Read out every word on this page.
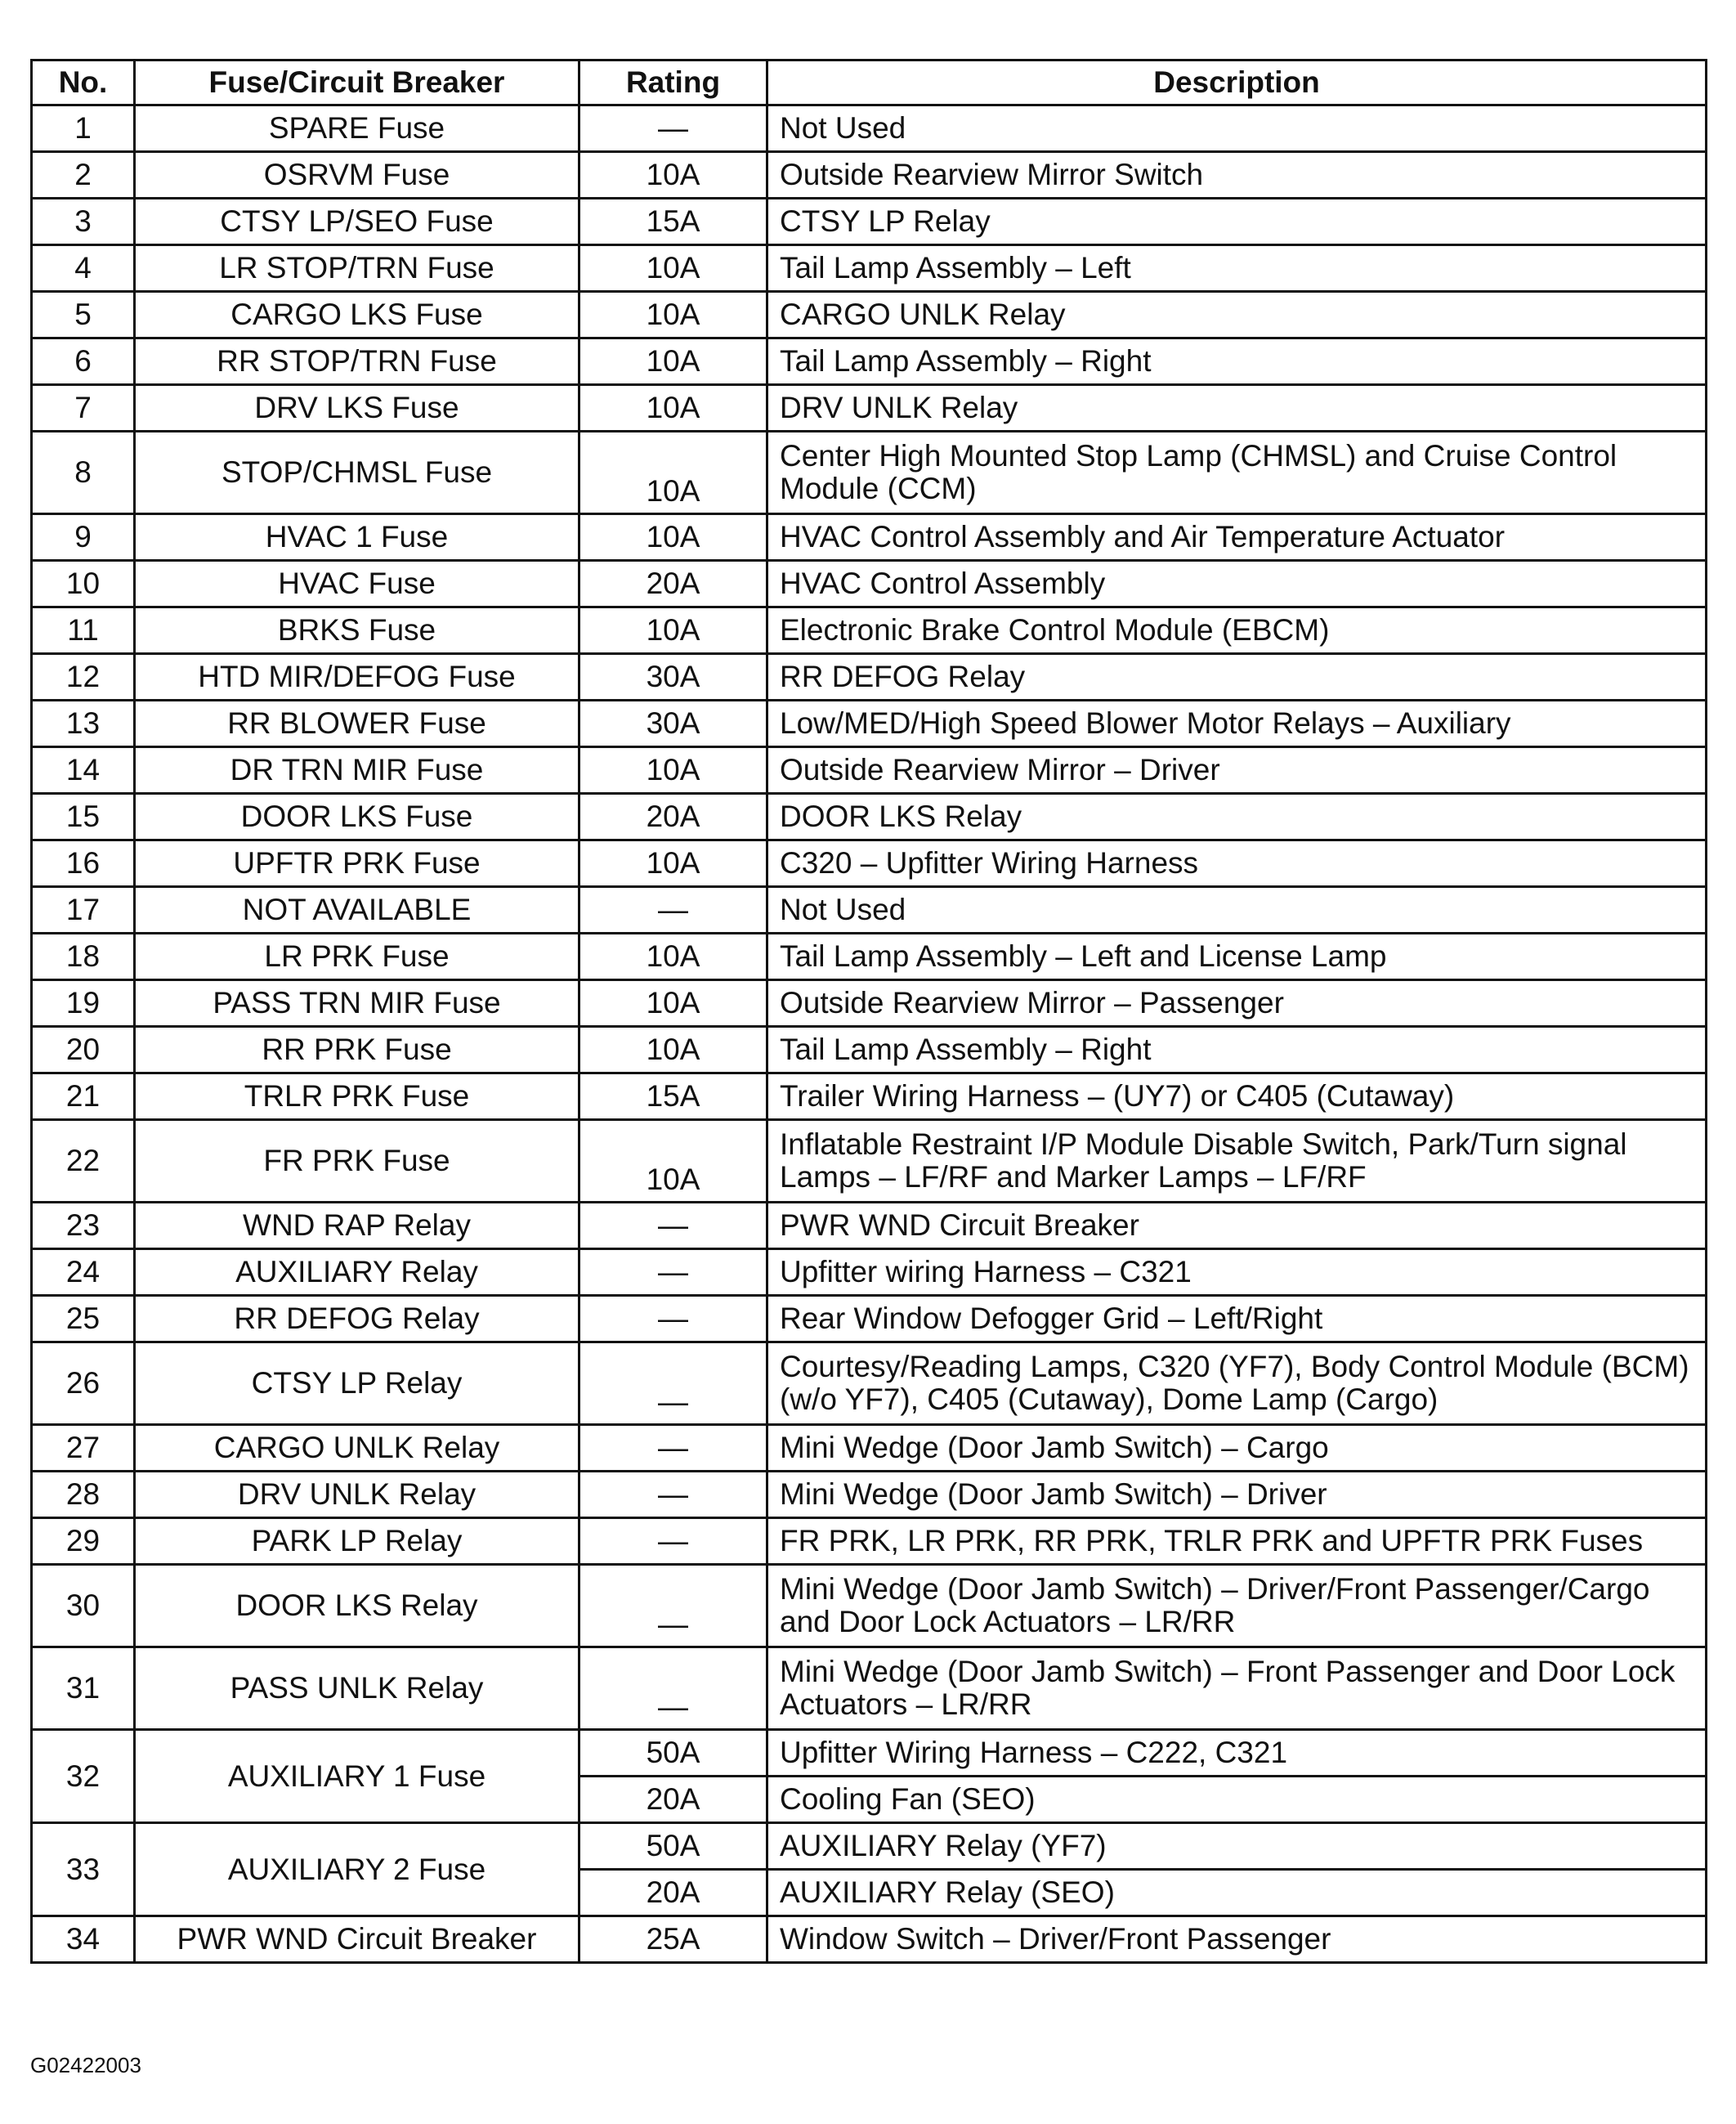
No.	Fuse/Circuit Breaker	Rating	Description
1	SPARE Fuse	—	Not Used
2	OSRVM Fuse	10A	Outside Rearview Mirror Switch
3	CTSY LP/SEO Fuse	15A	CTSY LP Relay
4	LR STOP/TRN Fuse	10A	Tail Lamp Assembly – Left
5	CARGO LKS Fuse	10A	CARGO UNLK Relay
6	RR STOP/TRN Fuse	10A	Tail Lamp Assembly – Right
7	DRV LKS Fuse	10A	DRV UNLK Relay
8	STOP/CHMSL Fuse	10A	Center High Mounted Stop Lamp (CHMSL) and Cruise Control Module (CCM)
9	HVAC 1 Fuse	10A	HVAC Control Assembly and Air Temperature Actuator
10	HVAC Fuse	20A	HVAC Control Assembly
11	BRKS Fuse	10A	Electronic Brake Control Module (EBCM)
12	HTD MIR/DEFOG Fuse	30A	RR DEFOG Relay
13	RR BLOWER Fuse	30A	Low/MED/High Speed Blower Motor Relays – Auxiliary
14	DR TRN MIR Fuse	10A	Outside Rearview Mirror – Driver
15	DOOR LKS Fuse	20A	DOOR LKS Relay
16	UPFTR PRK Fuse	10A	C320 – Upfitter Wiring Harness
17	NOT AVAILABLE	—	Not Used
18	LR PRK Fuse	10A	Tail Lamp Assembly – Left and License Lamp
19	PASS TRN MIR Fuse	10A	Outside Rearview Mirror – Passenger
20	RR PRK Fuse	10A	Tail Lamp Assembly – Right
21	TRLR PRK Fuse	15A	Trailer Wiring Harness – (UY7) or C405 (Cutaway)
22	FR PRK Fuse	10A	Inflatable Restraint I/P Module Disable Switch, Park/Turn signal Lamps – LF/RF and Marker Lamps – LF/RF
23	WND RAP Relay	—	PWR WND Circuit Breaker
24	AUXILIARY Relay	—	Upfitter wiring Harness – C321
25	RR DEFOG Relay	—	Rear Window Defogger Grid – Left/Right
26	CTSY LP Relay	—	Courtesy/Reading Lamps, C320 (YF7), Body Control Module (BCM) (w/o YF7), C405 (Cutaway), Dome Lamp (Cargo)
27	CARGO UNLK Relay	—	Mini Wedge (Door Jamb Switch) – Cargo
28	DRV UNLK Relay	—	Mini Wedge (Door Jamb Switch) – Driver
29	PARK LP Relay	—	FR PRK, LR PRK, RR PRK, TRLR PRK and UPFTR PRK Fuses
30	DOOR LKS Relay	—	Mini Wedge (Door Jamb Switch) – Driver/Front Passenger/Cargo and Door Lock Actuators – LR/RR
31	PASS UNLK Relay	—	Mini Wedge (Door Jamb Switch) – Front Passenger and Door Lock Actuators – LR/RR
32	AUXILIARY 1 Fuse	50A	Upfitter Wiring Harness – C222, C321
		20A	Cooling Fan (SEO)
33	AUXILIARY 2 Fuse	50A	AUXILIARY Relay (YF7)
		20A	AUXILIARY Relay (SEO)
34	PWR WND Circuit Breaker	25A	Window Switch – Driver/Front Passenger
G02422003
